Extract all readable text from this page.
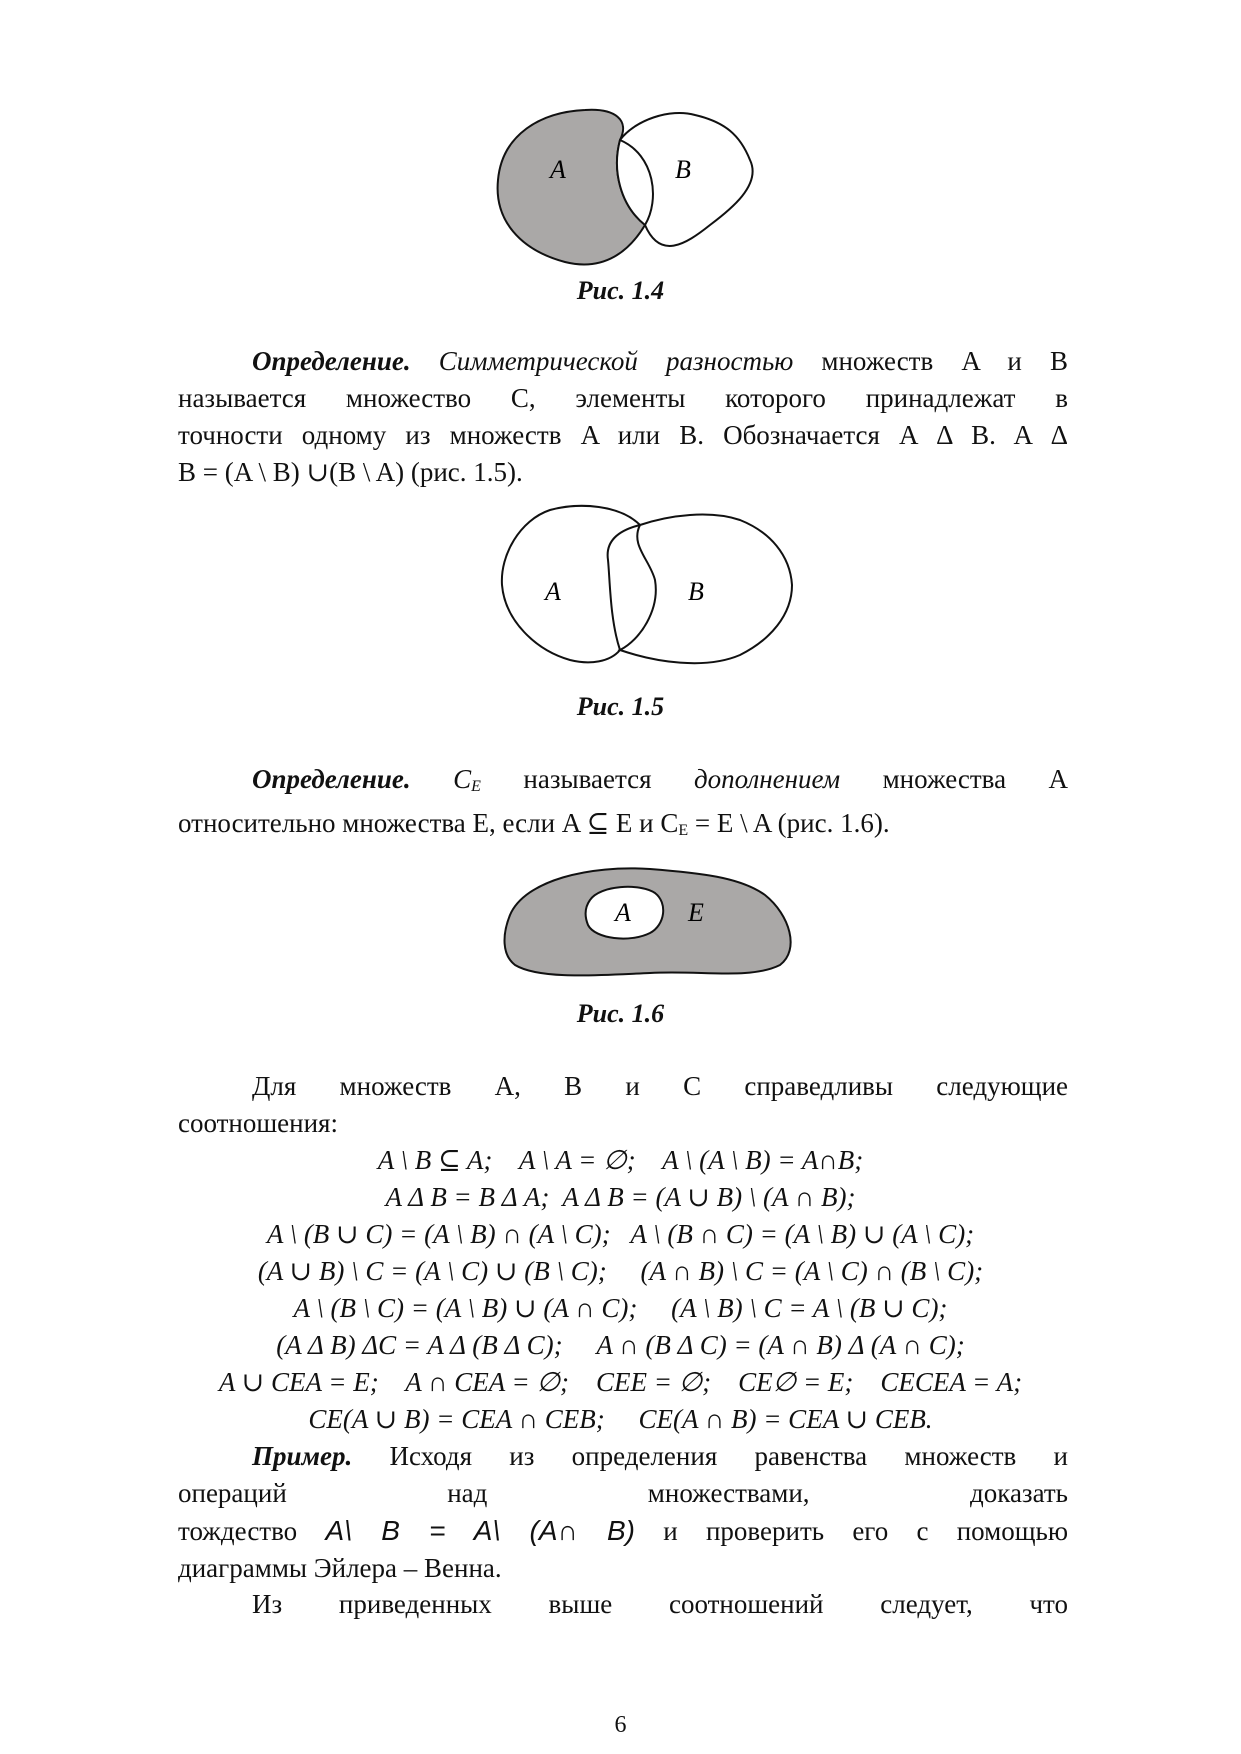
A	B
Рис. 1.4
Определение. Симметрической разностью множеств A и B
называется множество C, элементы которого принадлежат в
точности одному из множеств A или B. Обозначается A Δ B. A Δ
B = (A \ B) ∪(B \ A) (рис. 1.5).
A	B
Рис. 1.5
Определение. $C_E$ называется дополнением множества A
относительно множества E, если A ⊆ E и $C_E = E$ \ A (рис. 1.6).
A E
Рис. 1.6
Для множеств A, B и C справедливы следующие
соотношения:
A \ B ⊆ A;    A \ A = ∅;    A \ (A \ B) = A∩B;
A Δ B = B Δ A;  A Δ B = (A ∪ B) \ (A ∩ B);
A \ (B ∪ C) = (A \ B) ∩ (A \ C);   A \ (B ∩ C) = (A \ B) ∪ (A \ C);
(A ∪ B) \ C = (A \ C) ∪ (B \ C);     (A ∩ B) \ C = (A \ C) ∩ (B \ C);
A \ (B \ C) = (A \ B) ∪ (A ∩ C);     (A \ B) \ C = A \ (B ∪ C);
(A Δ B) ΔC = A Δ (B Δ C);     A ∩ (B Δ C) = (A ∩ B) Δ (A ∩ C);
A ∪ CEA = E;    A ∩ CEA = ∅;    CEE = ∅;    CE∅ = E;    CECEA = A;
CE(A ∪ B) = CEA ∩ CEB;     CE(A ∩ B) = CEA ∪ CEB.
Пример. Исходя из определения равенства множеств и
операций над множествами, доказать
тождество A\ B = A\ (A∩ B) и проверить его с помощью
диаграммы Эйлера – Венна.
Из приведенных выше соотношений следует, что
6
